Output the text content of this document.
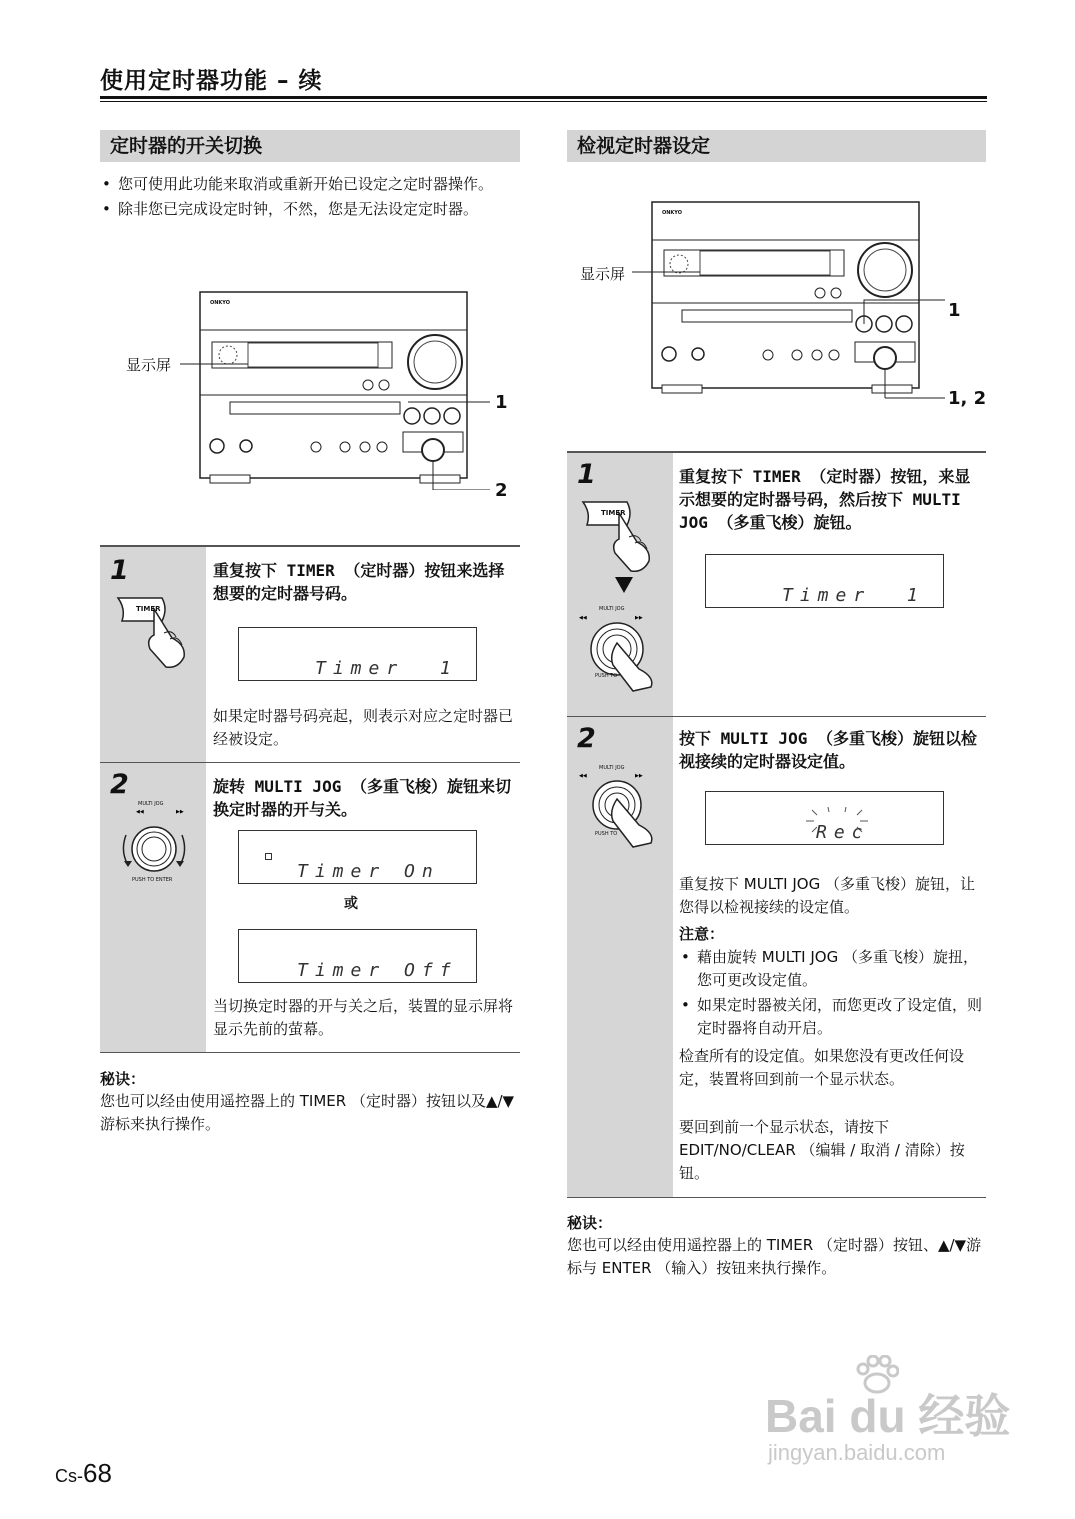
使用定时器功能 – 续
定时器的开关切换
• 您可使用此功能来取消或重新开始已设定之定时器操作。
• 除非您已完成设定时钟，不然，您是无法设定定时器。
ONKYO
显示屏
1
2
1
TIMER
重复按下 TIMER （定时器）按钮来选择想要的定时器号码。
Timer  1
如果定时器号码亮起，则表示对应之定时器已经被设定。
2
◀◀	▶▶
MULTI JOG
PUSH TO ENTER
旋转 MULTI JOG （多重飞梭）旋钮来切换定时器的开与关。
Timer On
或
Timer Off
当切换定时器的开与关之后，装置的显示屏将显示先前的萤幕。
秘诀：
您也可以经由使用遥控器上的 TIMER （定时器）按钮以及▲/▼游标来执行操作。
检视定时器设定
ONKYO
显示屏
1
1, 2
1
TIMER
◀◀	▶▶
MULTI JOG
PUSH TO
重复按下 TIMER （定时器）按钮，来显示想要的定时器号码，然后按下 MULTI JOG （多重飞梭）旋钮。
Timer  1
2
◀◀	▶▶
MULTI JOG
PUSH TO
按下 MULTI JOG （多重飞梭）旋钮以检视接续的定时器设定值。
Rec
重复按下 MULTI JOG （多重飞梭）旋钮，让您得以检视接续的设定值。
注意：
• 藉由旋转 MULTI JOG （多重飞梭）旋扭，您可更改设定值。
• 如果定时器被关闭，而您更改了设定值，则定时器将自动开启。
检查所有的设定值。如果您没有更改任何设定，装置将回到前一个显示状态。
要回到前一个显示状态，请按下 EDIT/NO/CLEAR （编辑 / 取消 / 清除）按钮。
秘诀：
您也可以经由使用遥控器上的 TIMER （定时器）按钮、▲/▼游标与 ENTER （输入）按钮来执行操作。
Cs-68
Bai du 经验
jingyan.baidu.com
